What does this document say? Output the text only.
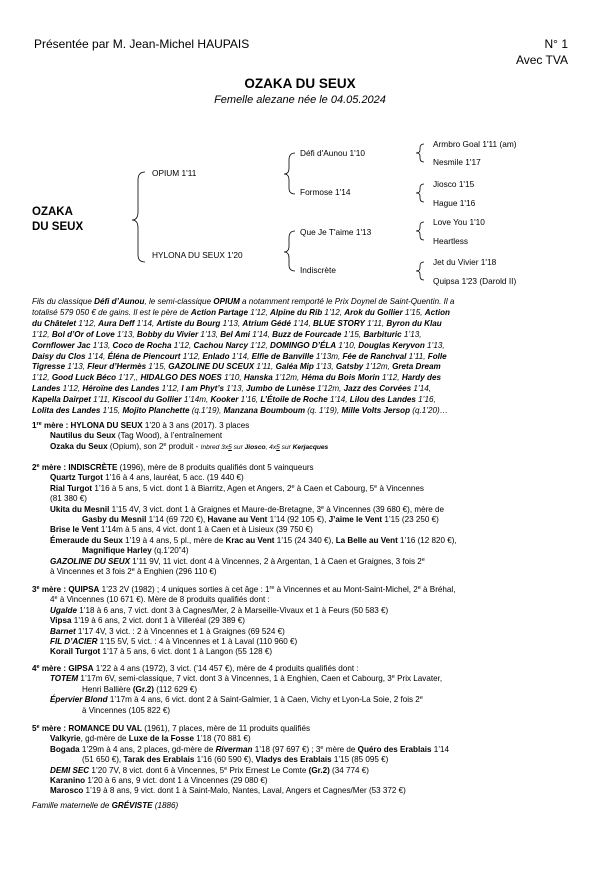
Présentée par M. Jean-Michel HAUPAIS	N° 1
Avec TVA
OZAKA DU SEUX
Femelle alezane née le 04.05.2024
OZAKA
DU SEUX
OPIUM 1'11
HYLONA DU SEUX 1'20
Défi d'Aunou 1'10
Formose 1'14
Que Je T'aime 1'13
Indiscrète
Armbro Goal 1'11 (am)
Nesmile 1'17
Jiosco 1'15
Hague 1'16
Love You 1'10
Heartless
Jet du Vivier 1'18
Quipsa 1'23 (Darold II)
Fils du classique Défi d’Aunou, le semi-classique OPIUM a notamment remporté le Prix Doynel de Saint-Quentin. Il a
totalisé 579 050 € de gains. Il est le père de Action Partage 1’12, Alpine du Rib 1’12, Arok du Gollier 1’15, Action
du Châtelet 1’12, Aura Deff 1’14, Artiste du Bourg 1’13, Atrium Gédé 1’14, BLUE STORY 1’11, Byron du Klau
1’12, Bol d’Or of Love 1’13, Bobby du Vivier 1’13, Bel Ami 1’14, Buzz de Fourcade 1’15, Barbituric 1’13,
Cornflower Jac 1’13, Coco de Rocha 1’12, Cachou Narcy 1’12, DOMINGO D’ÉLA 1’10, Douglas Keryvon 1’13,
Daisy du Clos 1’14, Éléna de Piencourt 1’12, Enlado 1’14, Elfie de Banville 1’13m, Fée de Ranchval 1’11, Folle
Tigresse 1’13, Fleur d’Hermès 1’15, GAZOLINE DU SCEUX 1’11, Galéa Mip 1’13, Gatsby 1’12m, Greta Dream
1’12, Good Luck Béco 1’17,, HIDALGO DES NOES 1’10, Hanska 1’12m, Héma du Bois Morin 1’12, Hardy des
Landes 1’12, Héroïne des Landes 1’12, I am Phyt’s 1’13, Jumbo de Lunèse 1’12m, Jazz des Corvées 1’14,
Kapella Dairpet 1’11, Kiscool du Gollier 1’14m, Kooker 1’16, L’Étoile de Roche 1’14, Lilou des Landes 1’16,
Lolita des Landes 1’15, Mojito Planchette (q.1’19), Manzana Boumboum (q. 1’19), Mille Volts Jersop (q.1’20)…
1re mère : HYLONA DU SEUX 1’20 à 3 ans (2017). 3 places
Nautilus du Seux (Tag Wood), à l’entraînement
Ozaka du Seux (Opium), son 2e produit - Inbred 3x5 sur Jiosco, 4x5 sur Kerjacques
2e mère : INDISCRÈTE (1996), mère de 8 produits qualifiés dont 5 vainqueurs
Quartz Turgot 1’16 à 4 ans, lauréat, 5 acc. (19 440 €)
Rial Turgot 1’16 à 5 ans, 5 vict. dont 1 à Biarritz, Agen et Angers, 2e à Caen et Cabourg, 5e à Vincennes
(81 380 €)
Ukita du Mesnil 1’15 4V, 3 vict. dont 1 à Graignes et Maure-de-Bretagne, 3e à Vincennes (39 680 €), mère de
Gasby du Mesnil 1’14 (69 720 €), Havane au Vent 1’14 (92 105 €), J’aime le Vent 1’15 (23 250 €)
Brise le Vent 1’14m à 5 ans, 4 vict. dont 1 à Caen et à Lisieux (39 750 €)
Émeraude du Seux 1’19 à 4 ans, 5 pl., mère de Krac au Vent 1’15 (24 340 €), La Belle au Vent 1’16 (12 820 €),
Magnifique Harley (q.1’20”4)
GAZOLINE DU SEUX 1’11 9V, 11 vict. dont 4 à Vincennes, 2 à Argentan, 1 à Caen et Graignes, 3 fois 2e
à Vincennes et 3 fois 2e à Enghien (296 110 €)
3e mère : QUIPSA 1’23 2V (1982) ; 4 uniques sorties à cet âge : 1re à Vincennes et au Mont-Saint-Michel, 2e à Bréhal,
4e à Vincennes (10 671 €). Mère de 8 produits qualifiés dont :
Ugalde 1’18 à 6 ans, 7 vict. dont 3 à Cagnes/Mer, 2 à Marseille-Vivaux et 1 à Feurs (50 583 €)
Vipsa 1’19 à 6 ans, 2 vict. dont 1 à Villeréal (29 389 €)
Barnet 1’17 4V, 3 vict. : 2 à Vincennes et 1 à Graignes (69 524 €)
FIL D’ACIER 1’15 5V, 5 vict. : 4 à Vincennes et 1 à Laval (110 960 €)
Korail Turgot 1’17 à 5 ans, 6 vict. dont 1 à Langon (55 128 €)
4e mère : GIPSA 1’22 à 4 ans (1972), 3 vict. (’14 457 €), mère de 4 produits qualifiés dont :
TOTEM 1’17m 6V, semi-classique, 7 vict. dont 3 à Vincennes, 1 à Enghien, Caen et Cabourg, 3e Prix Lavater,
Henri Ballière (Gr.2) (112 629 €)
Épervier Blond 1’17m à 4 ans, 6 vict. dont 2 à Saint-Galmier, 1 à Caen, Vichy et Lyon-La Soie, 2 fois 2e
à Vincennes (105 822 €)
5e mère : ROMANCE DU VAL (1961), 7 places, mère de 11 produits qualifiés
Valkyrie, gd-mère de Luxe de la Fosse 1’18 (70 881 €)
Bogada 1’29m à 4 ans, 2 places, gd-mère de Riverman 1’18 (97 697 €) ; 3e mère de Quéro des Erablais 1’14
(51 650 €), Tarak des Erablais 1’16 (60 590 €), Vladys des Erablais 1’15 (85 095 €)
DEMI SEC 1’20 7V, 8 vict. dont 6 à Vincennes, 5e Prix Ernest Le Comte (Gr.2) (34 774 €)
Karanino 1’20 à 6 ans, 9 vict. dont 1 à Vincennes (29 080 €)
Marosco 1’19 à 8 ans, 9 vict. dont 1 à Saint-Malo, Nantes, Laval, Angers et Cagnes/Mer (53 372 €)
Famille maternelle de GRÉVISTE (1886)
